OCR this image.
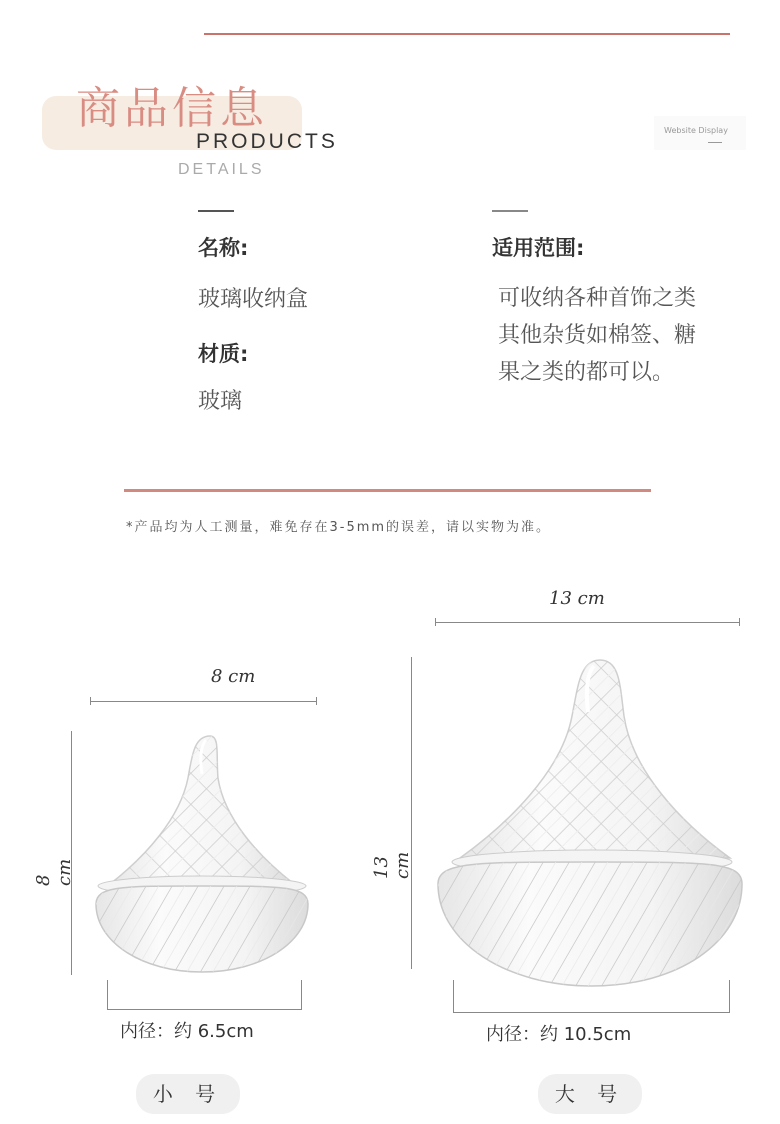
商品信息
PRODUCTS
DETAILS
Website Display
名称:
玻璃收纳盒
材质:
玻璃
适用范围:
可收纳各种首饰之类
其他杂货如棉签、糖
果之类的都可以。
*产品均为人工测量，难免存在3-5mm的误差，请以实物为准。
8 cm
8 cm
内径：约 6.5cm
13 cm
13 cm
内径：约 10.5cm
小 号	大 号
